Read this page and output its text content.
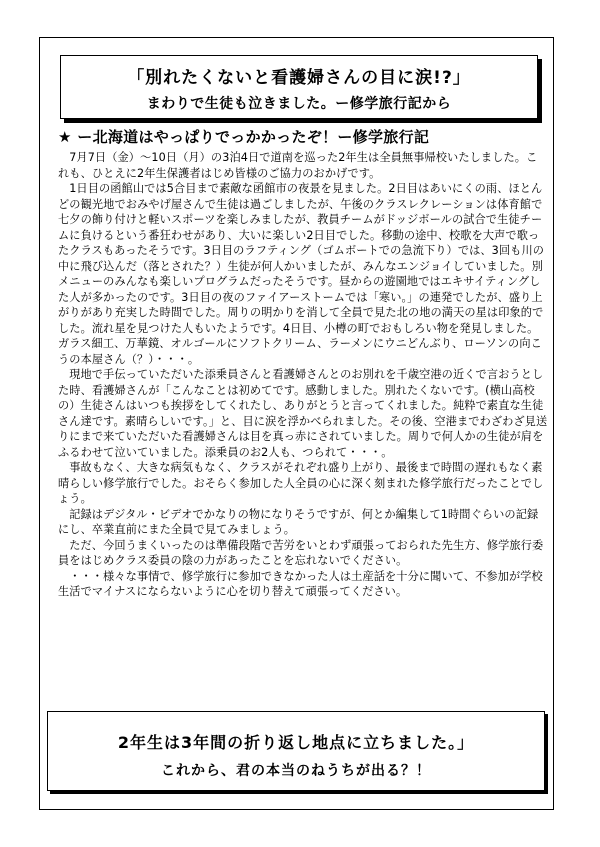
「別れたくないと看護婦さんの目に涙!?」
まわりで生徒も泣きました。ー修学旅行記から
★ ー北海道はやっぱりでっかかったぞ！ー修学旅行記

7月7日（金）～10日（月）の3泊4日で道南を巡った2年生は全員無事帰校いたしました。これも、ひとえに2年生保護者はじめ皆様のご協力のおかげです。

1日目の函館山では5合目まで素敵な函館市の夜景を見ました。2日目はあいにくの雨、ほとんどの観光地でおみやげ屋さんで生徒は過ごしましたが、午後のクラスレクレーションは体育館で七夕の飾り付けと軽いスポーツを楽しみましたが、教員チームがドッジボールの試合で生徒チームに負けるという番狂わせがあり、大いに楽しい2日目でした。移動の途中、校歌を大声で歌ったクラスもあったそうです。3日目のラフティング（ゴムボートでの急流下り）では、3回も川の中に飛び込んだ（落とされた？）生徒が何人かいましたが、みんなエンジョイしていました。別メニューのみんなも楽しいプログラムだったそうです。昼からの遊園地ではエキサイティングした人が多かったのです。3日目の夜のファイアーストームでは「寒い。」の連発でしたが、盛り上がりがあり充実した時間でした。周りの明かりを消して全員で見た北の地の満天の星は印象的でした。流れ星を見つけた人もいたようです。4日目、小樽の町でおもしろい物を発見しました。ガラス細工、万華鏡、オルゴールにソフトクリーム、ラーメンにウニどんぶり、ローソンの向こうの本屋さん（？）・・・。

現地で手伝っていただいた添乗員さんと看護婦さんとのお別れを千歳空港の近くで言おうとした時、看護婦さんが「こんなことは初めてです。感動しました。別れたくないです。(横山高校の）生徒さんはいつも挨拶をしてくれたし、ありがとうと言ってくれました。純粋で素直な生徒さん達です。素晴らしいです。」と、目に涙を浮かべられました。その後、空港までわざわざ見送りにまで来ていただいた看護婦さんは目を真っ赤にされていました。周りで何人かの生徒が肩をふるわせて泣いていました。添乗員のお2人も、つられて・・・。

事故もなく、大きな病気もなく、クラスがそれぞれ盛り上がり、最後まで時間の遅れもなく素晴らしい修学旅行でした。おそらく参加した人全員の心に深く刻まれた修学旅行だったことでしょう。

記録はデジタル・ビデオでかなりの物になりそうですが、何とか編集して1時間ぐらいの記録にし、卒業直前にまた全員で見てみましょう。

ただ、今回うまくいったのは準備段階で苦労をいとわず頑張っておられた先生方、修学旅行委員をはじめクラス委員の陰の力があったことを忘れないでください。

・・・様々な事情で、修学旅行に参加できなかった人は土産話を十分に聞いて、不参加が学校生活でマイナスにならないように心を切り替えて頑張ってください。

2年生は3年間の折り返し地点に立ちました。」
これから、君の本当のねうちが出る？！
